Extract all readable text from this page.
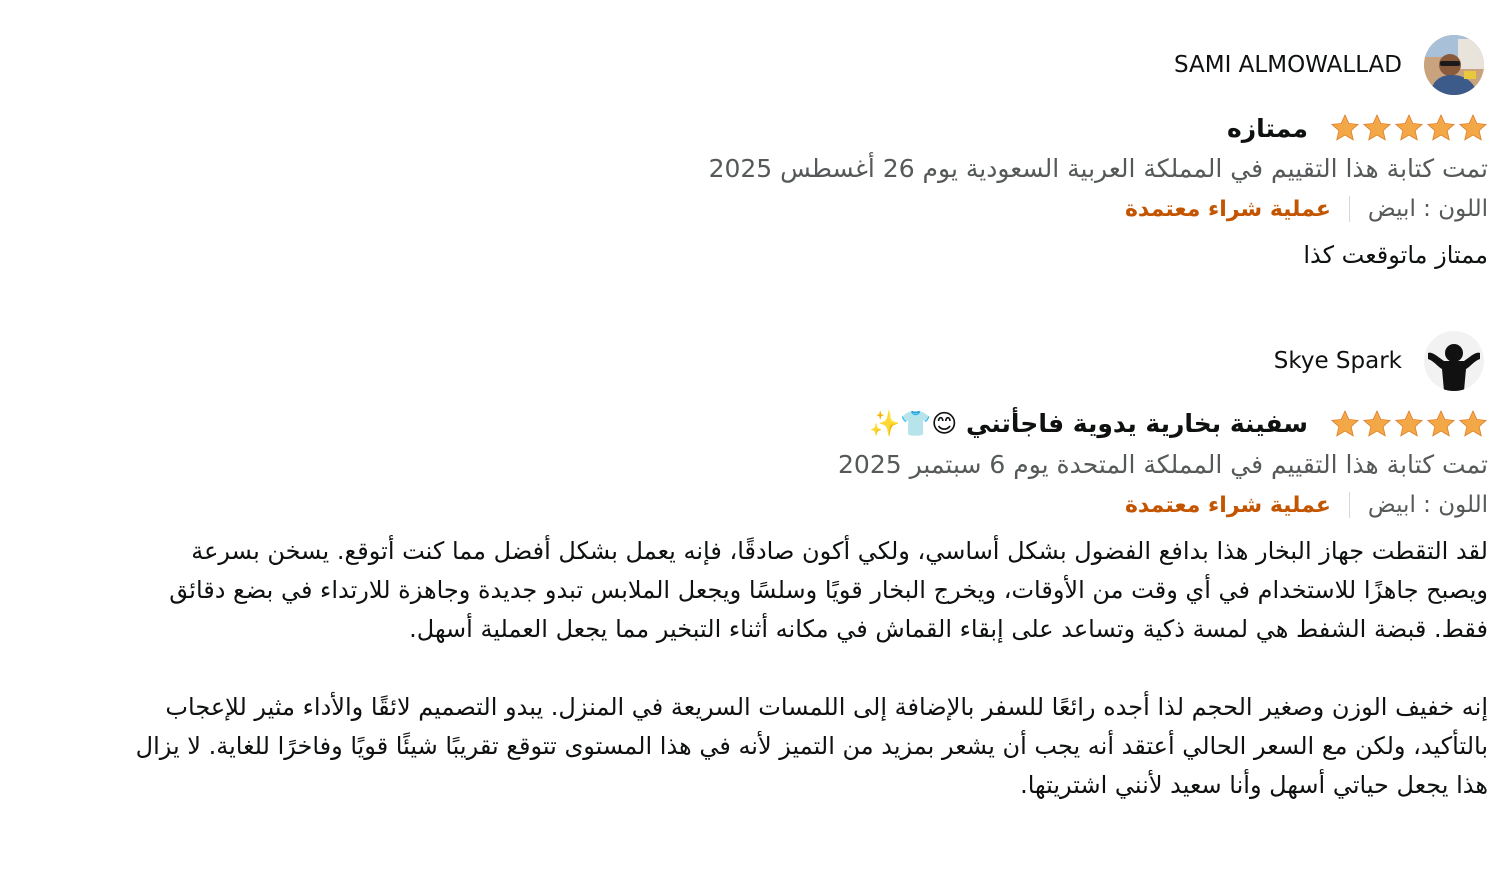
SAMI ALMOWALLAD
ممتازه
تمت كتابة هذا التقييم في المملكة العربية السعودية يوم 26 أغسطس 2025
اللون : ابيض
عملية شراء معتمدة

ممتاز ماتوقعت كذا

Skye Spark
سفينة بخارية يدوية فاجأتني 😊👕✨
تمت كتابة هذا التقييم في المملكة المتحدة يوم 6 سبتمبر 2025
اللون : ابيض
عملية شراء معتمدة

لقد التقطت جهاز البخار هذا بدافع الفضول بشكل أساسي، ولكي أكون صادقًا، فإنه يعمل بشكل أفضل مما كنت أتوقع. يسخن بسرعة ويصبح جاهزًا للاستخدام في أي وقت من الأوقات، ويخرج البخار قويًا وسلسًا ويجعل الملابس تبدو جديدة وجاهزة للارتداء في بضع دقائق فقط. قبضة الشفط هي لمسة ذكية وتساعد على إبقاء القماش في مكانه أثناء التبخير مما يجعل العملية أسهل.

إنه خفيف الوزن وصغير الحجم لذا أجده رائعًا للسفر بالإضافة إلى اللمسات السريعة في المنزل. يبدو التصميم لائقًا والأداء مثير للإعجاب بالتأكيد، ولكن مع السعر الحالي أعتقد أنه يجب أن يشعر بمزيد من التميز لأنه في هذا المستوى تتوقع تقريبًا شيئًا قويًا وفاخرًا للغاية. لا يزال هذا يجعل حياتي أسهل وأنا سعيد لأنني اشتريتها.
